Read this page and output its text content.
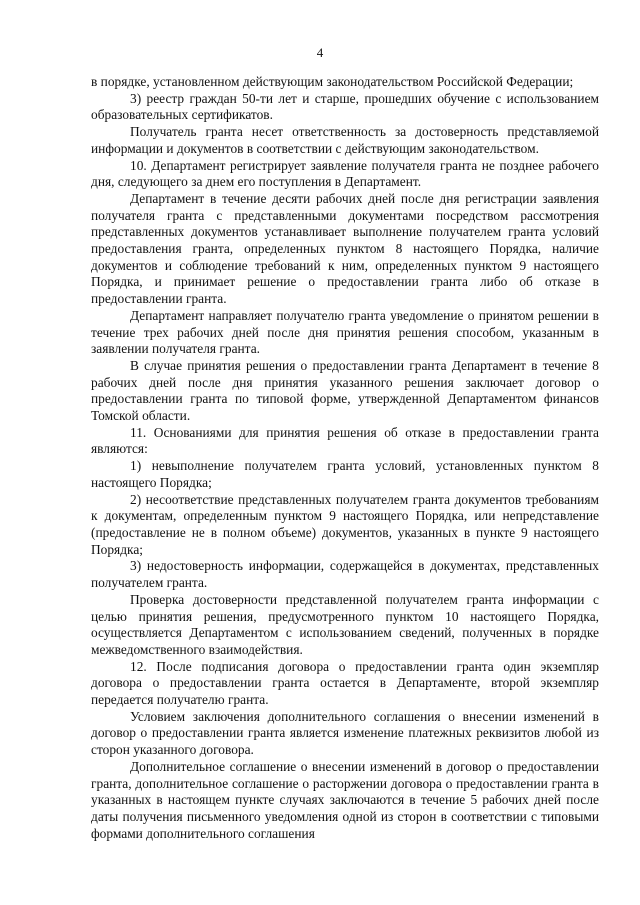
4

в порядке, установленном действующим законодательством Российской Федерации;

3) реестр граждан 50-ти лет и старше, прошедших обучение с использованием образовательных сертификатов.

Получатель гранта несет ответственность за достоверность представляемой информации и документов в соответствии с действующим законодательством.

10. Департамент регистрирует заявление получателя гранта не позднее рабочего дня, следующего за днем его поступления в Департамент.

Департамент в течение десяти рабочих дней после дня регистрации заявления получателя гранта с представленными документами посредством рассмотрения представленных документов устанавливает выполнение получателем гранта условий предоставления гранта, определенных пунктом 8 настоящего Порядка, наличие документов и соблюдение требований к ним, определенных пунктом 9 настоящего Порядка, и принимает решение о предоставлении гранта либо об отказе в предоставлении гранта.

Департамент направляет получателю гранта уведомление о принятом решении в течение трех рабочих дней после дня принятия решения способом, указанным в заявлении получателя гранта.

В случае принятия решения о предоставлении гранта Департамент в течение 8 рабочих дней после дня принятия указанного решения заключает договор о предоставлении гранта по типовой форме, утвержденной Департаментом финансов Томской области.

11. Основаниями для принятия решения об отказе в предоставлении гранта являются:

1) невыполнение получателем гранта условий, установленных пунктом 8 настоящего Порядка;

2) несоответствие представленных получателем гранта документов требованиям к документам, определенным пунктом 9 настоящего Порядка, или непредставление (предоставление не в полном объеме) документов, указанных в пункте 9 настоящего Порядка;

3) недостоверность информации, содержащейся в документах, представленных получателем гранта.

Проверка достоверности представленной получателем гранта информации с целью принятия решения, предусмотренного пунктом 10 настоящего Порядка, осуществляется Департаментом с использованием сведений, полученных в порядке межведомственного взаимодействия.

12. После подписания договора о предоставлении гранта один экземпляр договора о предоставлении гранта остается в Департаменте, второй экземпляр передается получателю гранта.

Условием заключения дополнительного соглашения о внесении изменений в договор о предоставлении гранта является изменение платежных реквизитов любой из сторон указанного договора.

Дополнительное соглашение о внесении изменений в договор о предоставлении гранта, дополнительное соглашение о расторжении договора о предоставлении гранта в указанных в настоящем пункте случаях заключаются в течение 5 рабочих дней после даты получения письменного уведомления одной из сторон в соответствии с типовыми формами дополнительного соглашения
